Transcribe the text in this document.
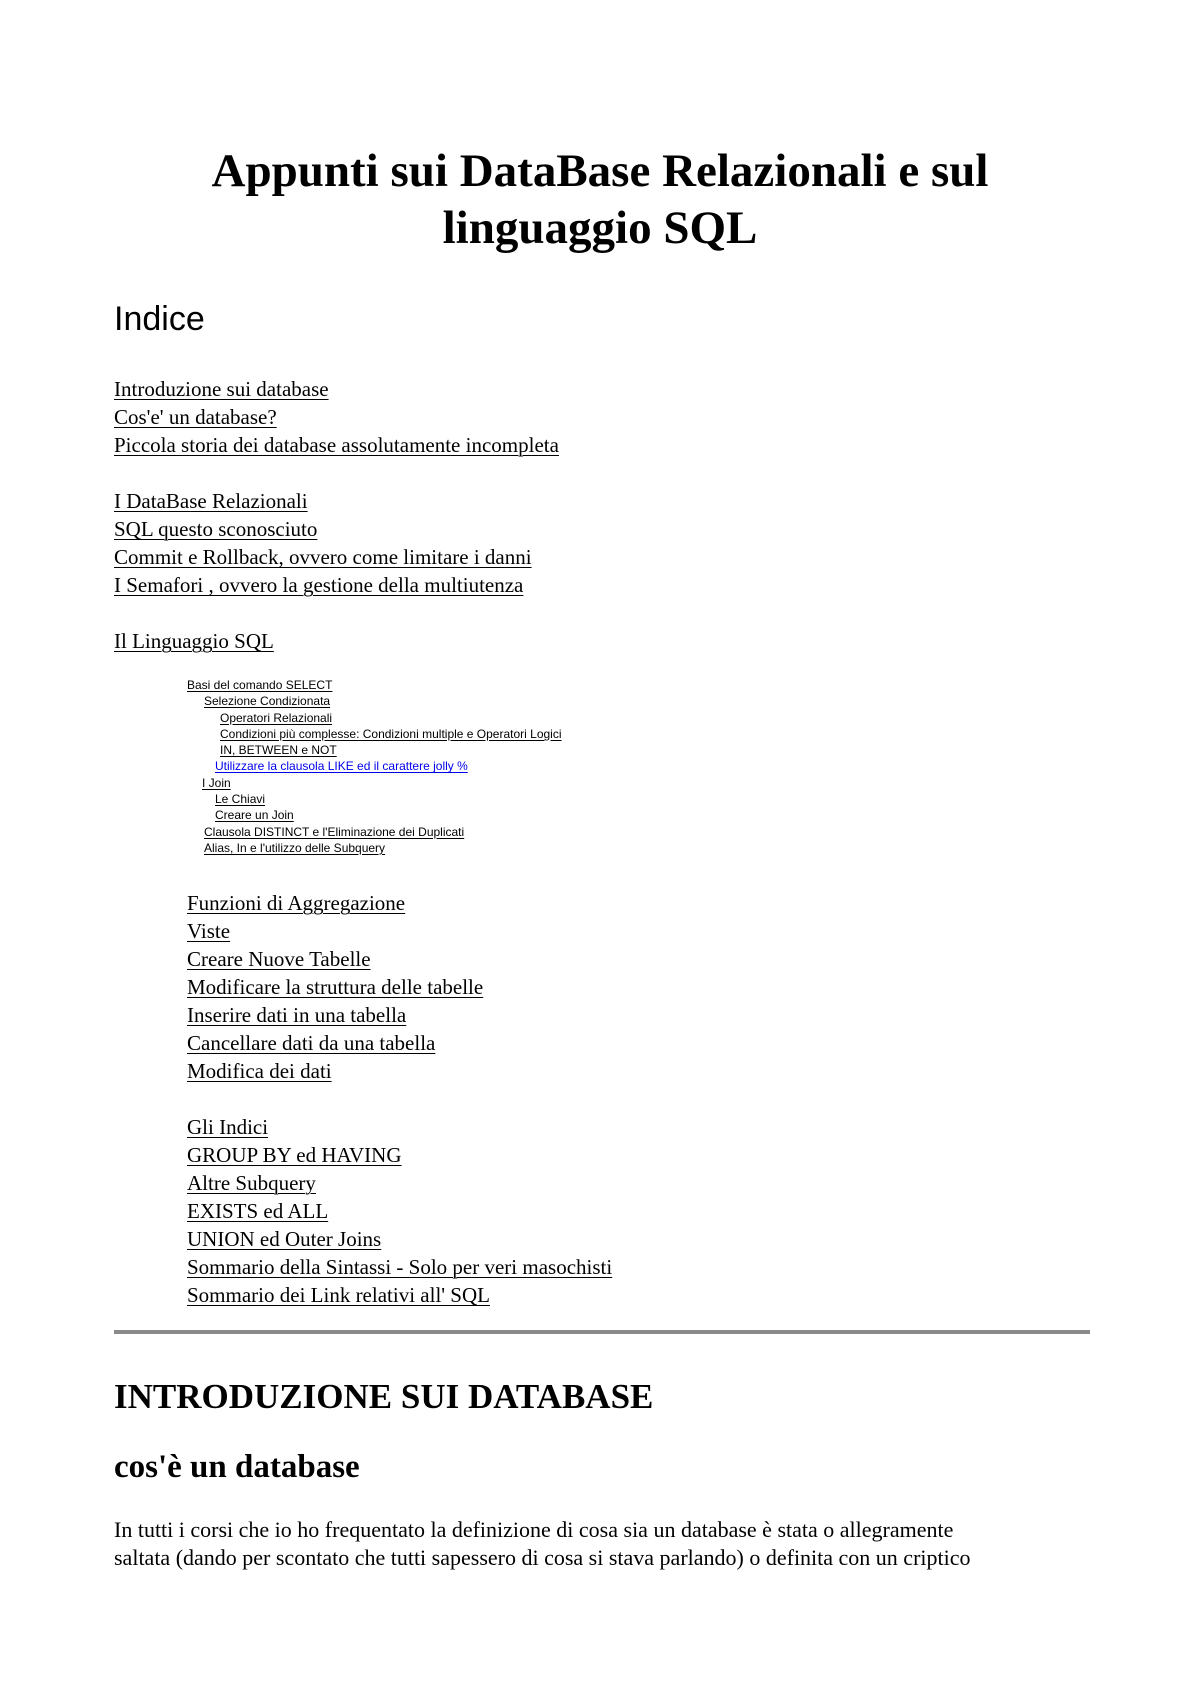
Appunti sui DataBase Relazionali e sul
linguaggio SQL
Indice
Introduzione sui database
Cos'e' un database?
Piccola storia dei database assolutamente incompleta
I DataBase Relazionali
SQL questo sconosciuto
Commit e Rollback, ovvero come limitare i danni
I Semafori , ovvero la gestione della multiutenza
Il Linguaggio SQL
Basi del comando SELECT
Selezione Condizionata
Operatori Relazionali
Condizioni più complesse: Condizioni multiple e Operatori Logici
IN, BETWEEN e NOT
Utilizzare la clausola LIKE ed il carattere jolly %
I Join
Le Chiavi
Creare un Join
Clausola DISTINCT e l'Eliminazione dei Duplicati
Alias, In e l'utilizzo delle Subquery
Funzioni di Aggregazione
Viste
Creare Nuove Tabelle
Modificare la struttura delle tabelle
Inserire dati in una tabella
Cancellare dati da una tabella
Modifica dei dati
Gli Indici
GROUP BY ed HAVING
Altre Subquery
EXISTS ed ALL
UNION ed Outer Joins
Sommario della Sintassi - Solo per veri masochisti
Sommario dei Link relativi all' SQL
INTRODUZIONE SUI DATABASE
cos'è un database

In tutti i corsi che io ho frequentato la definizione di cosa sia un database è stata o allegramente
saltata (dando per scontato che tutti sapessero di cosa si stava parlando) o definita con un criptico
